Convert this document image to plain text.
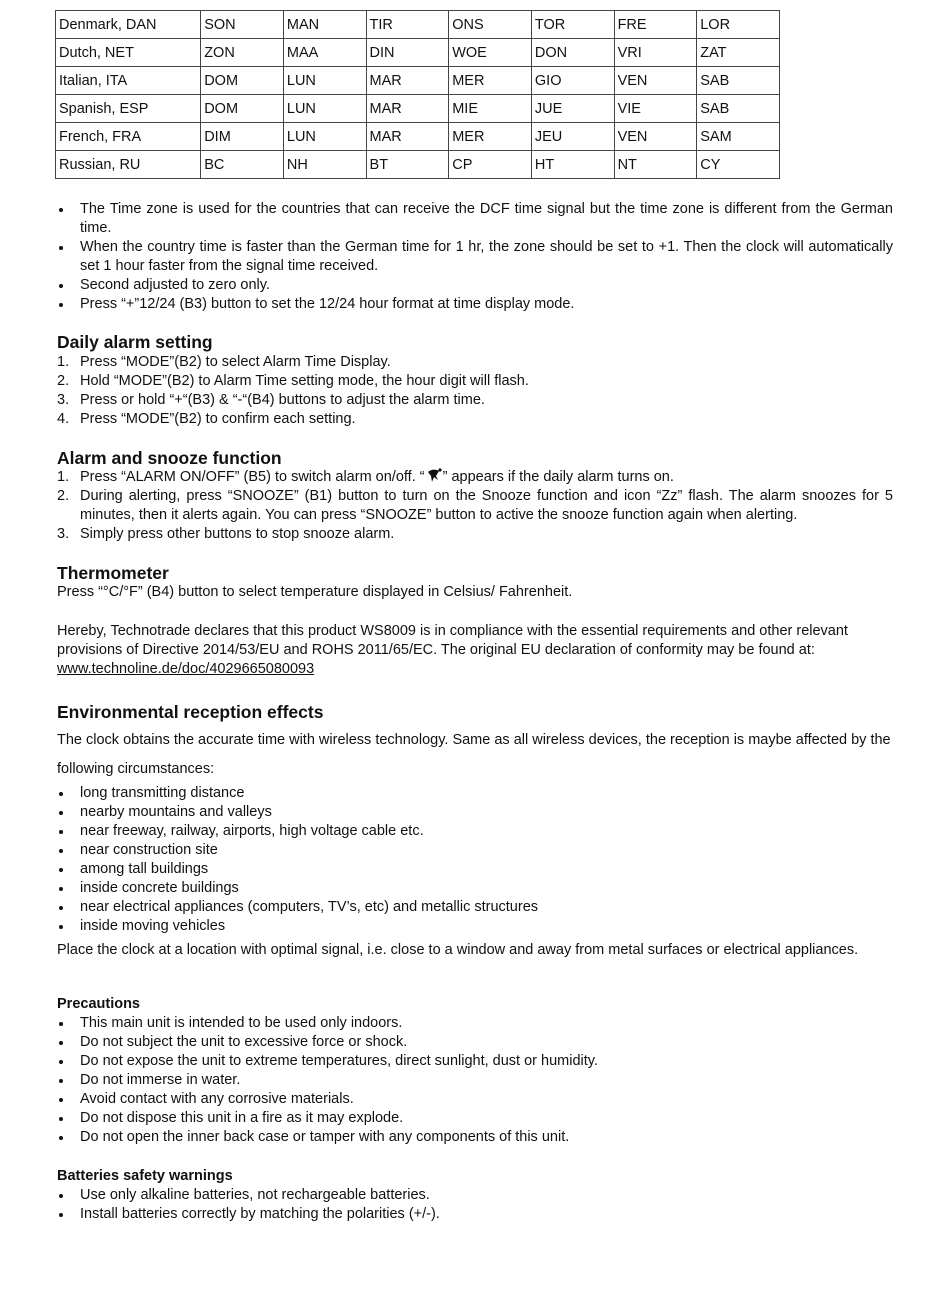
Denmark, DAN	SON	MAN	TIR	ONS	TOR	FRE	LOR
Dutch, NET	ZON	MAA	DIN	WOE	DON	VRI	ZAT
Italian, ITA	DOM	LUN	MAR	MER	GIO	VEN	SAB
Spanish, ESP	DOM	LUN	MAR	MIE	JUE	VIE	SAB
French, FRA	DIM	LUN	MAR	MER	JEU	VEN	SAM
Russian, RU	BC	NH	BT	CP	HT	NT	CY
The Time zone is used for the countries that can receive the DCF time signal but the time zone is different from the German time.
When the country time is faster than the German time for 1 hr, the zone should be set to +1. Then the clock will automatically set 1 hour faster from the signal time received.
Second adjusted to zero only.
Press “+”12/24 (B3) button to set the 12/24 hour format at time display mode.
Daily alarm setting
1. Press “MODE”(B2) to select Alarm Time Display.
2. Hold “MODE”(B2) to Alarm Time setting mode, the hour digit will flash.
3. Press or hold “+“(B3) & “-“(B4) buttons to adjust the alarm time.
4. Press “MODE”(B2) to confirm each setting.
Alarm and snooze function
1. Press “ALARM ON/OFF” (B5) to switch alarm on/off. “ ” appears if the daily alarm turns on.
2. During alerting, press “SNOOZE” (B1) button to turn on the Snooze function and icon “Zz” flash. The alarm snoozes for 5 minutes, then it alerts again. You can press “SNOOZE” button to active the snooze function again when alerting.
3. Simply press other buttons to stop snooze alarm.
Thermometer

Press “°C/°F” (B4) button to select temperature displayed in Celsius/ Fahrenheit.

Hereby, Technotrade declares that this product WS8009 is in compliance with the essential requirements and other relevant provisions of Directive 2014/53/EU and ROHS 2011/65/EC. The original EU declaration of conformity may be found at:

www.technoline.de/doc/4029665080093

Environmental reception effects

The clock obtains the accurate time with wireless technology. Same as all wireless devices, the reception is maybe affected by the

following circumstances:

long transmitting distance
nearby mountains and valleys
near freeway, railway, airports, high voltage cable etc.
near construction site
among tall buildings
inside concrete buildings
near electrical appliances (computers, TV’s, etc) and metallic structures
inside moving vehicles

Place the clock at a location with optimal signal, i.e. close to a window and away from metal surfaces or electrical appliances.

Precautions
This main unit is intended to be used only indoors.
Do not subject the unit to excessive force or shock.
Do not expose the unit to extreme temperatures, direct sunlight, dust or humidity.
Do not immerse in water.
Avoid contact with any corrosive materials.
Do not dispose this unit in a fire as it may explode.
Do not open the inner back case or tamper with any components of this unit.
Batteries safety warnings
Use only alkaline batteries, not rechargeable batteries.
Install batteries correctly by matching the polarities (+/-).
